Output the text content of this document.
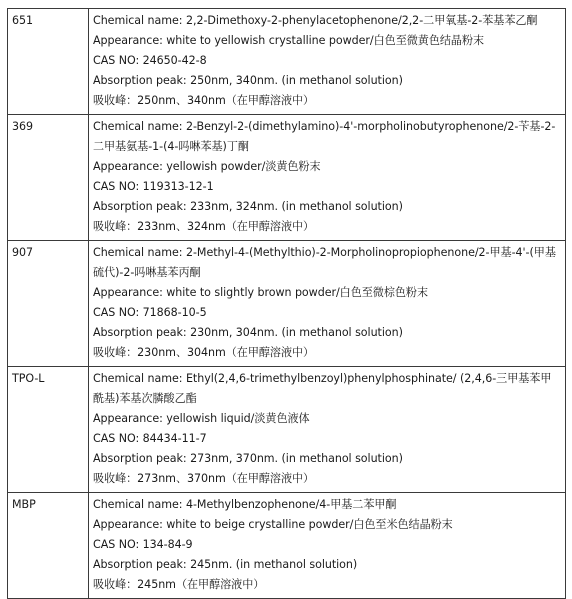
651	Chemical name: 2,2-Dimethoxy-2-phenylacetophenone/2,2-二甲氧基-2-苯基苯乙酮
Appearance: white to yellowish crystalline powder/白色至微黄色结晶粉末
CAS NO: 24650-42-8
Absorption peak: 250nm, 340nm. (in methanol solution)
吸收峰：250nm、340nm（在甲醇溶液中）

369	Chemical name: 2-Benzyl-2-(dimethylamino)-4'-morpholinobutyrophenone/2-苄基-2-二甲基氨基-1-(4-吗啉苯基)丁酮
Appearance: yellowish powder/淡黄色粉末
CAS NO: 119313-12-1
Absorption peak: 233nm, 324nm. (in methanol solution)
吸收峰：233nm、324nm（在甲醇溶液中）

907	Chemical name: 2-Methyl-4-(Methylthio)-2-Morpholinopropiophenone/2-甲基-4'-(甲基硫代)-2-吗啉基苯丙酮
Appearance: white to slightly brown powder/白色至微棕色粉末
CAS NO: 71868-10-5
Absorption peak: 230nm, 304nm. (in methanol solution)
吸收峰：230nm、304nm（在甲醇溶液中）

TPO-L	Chemical name: Ethyl(2,4,6-trimethylbenzoyl)phenylphosphinate/ (2,4,6-三甲基苯甲酰基)苯基次膦酸乙酯
Appearance: yellowish liquid/淡黄色液体
CAS NO: 84434-11-7
Absorption peak: 273nm, 370nm. (in methanol solution)
吸收峰：273nm、370nm（在甲醇溶液中）

MBP	Chemical name: 4-Methylbenzophenone/4-甲基二苯甲酮
Appearance: white to beige crystalline powder/白色至米色结晶粉末
CAS NO: 134-84-9
Absorption peak: 245nm. (in methanol solution)
吸收峰：245nm（在甲醇溶液中）
